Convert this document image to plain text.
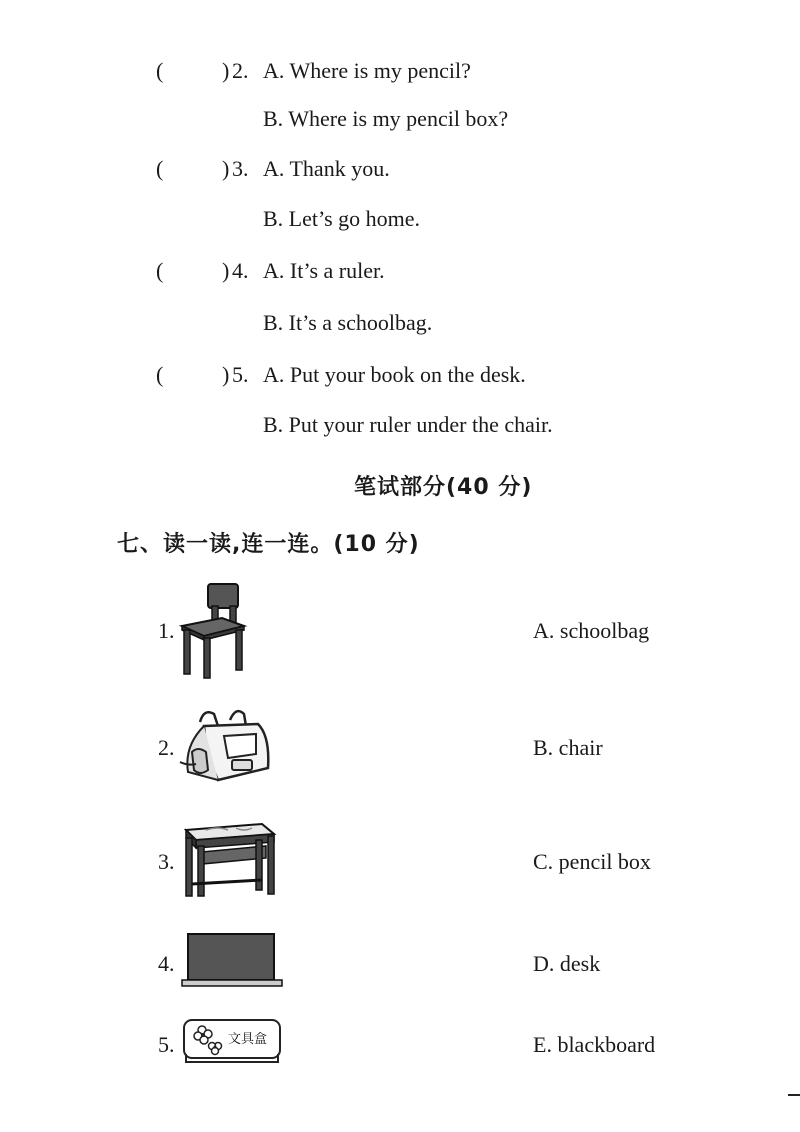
(	) 2. A. Where is my pencil?
B. Where is my pencil box?
(	) 3. A. Thank you.
B. Let’s go home.
(	) 4. A. It’s a ruler.
B. It’s a schoolbag.
(	) 5. A. Put your book on the desk.
B. Put your ruler under the chair.
笔试部分(40 分)
七、读一读,连一连。(10 分)
1.
2.
3.
4.
5.	文具盒
A. schoolbag
B. chair
C. pencil box
D. desk
E. blackboard
